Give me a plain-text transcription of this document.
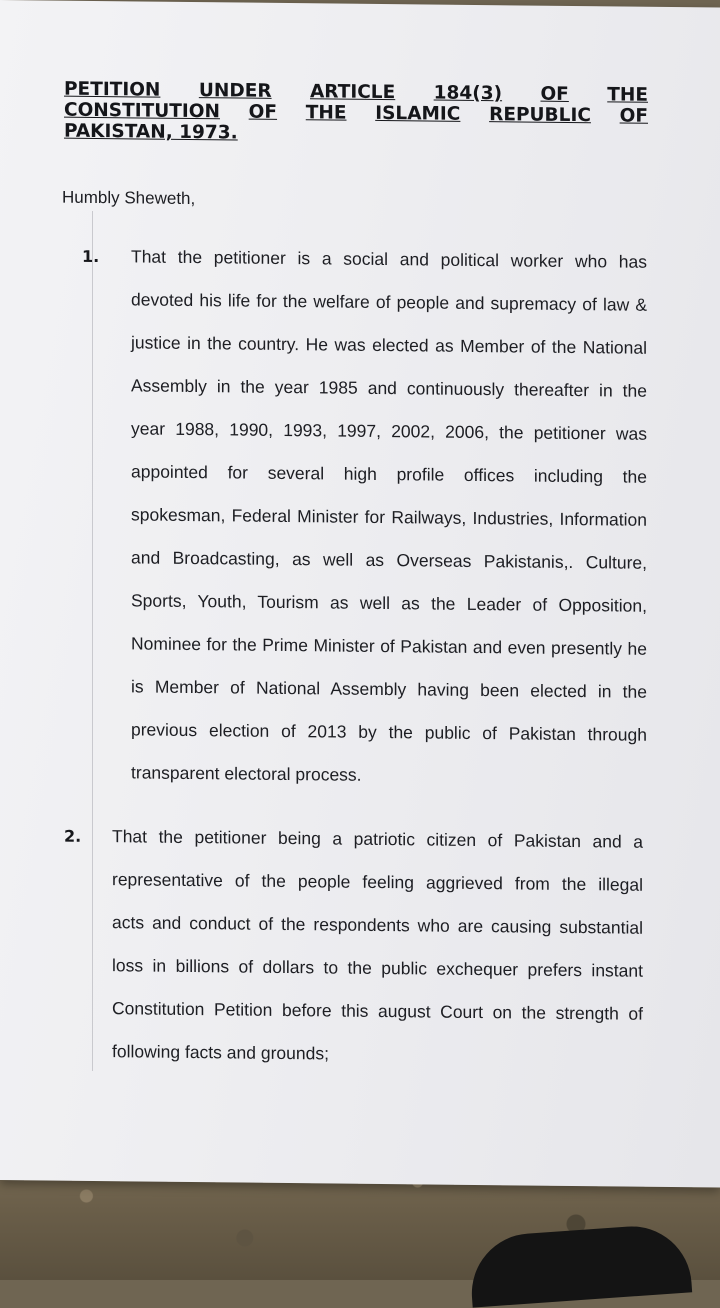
PETITION UNDER ARTICLE 184(3) OF THE
CONSTITUTION OF THE ISLAMIC REPUBLIC OF
PAKISTAN, 1973.
Humbly Sheweth,
1. That the petitioner is a social and political worker who has
devoted his life for the welfare of people and supremacy of law &
justice in the country. He was elected as Member of the National
Assembly in the year 1985 and continuously thereafter in the
year 1988, 1990, 1993, 1997, 2002, 2006, the petitioner was
appointed for several high profile offices including the
spokesman, Federal Minister for Railways, Industries, Information
and Broadcasting, as well as Overseas Pakistanis,. Culture,
Sports, Youth, Tourism as well as the Leader of Opposition,
Nominee for the Prime Minister of Pakistan and even presently he
is Member of National Assembly having been elected in the
previous election of 2013 by the public of Pakistan through
transparent electoral process.
2. That the petitioner being a patriotic citizen of Pakistan and a
representative of the people feeling aggrieved from the illegal
acts and conduct of the respondents who are causing substantial
loss in billions of dollars to the public exchequer prefers instant
Constitution Petition before this august Court on the strength of
following facts and grounds;
